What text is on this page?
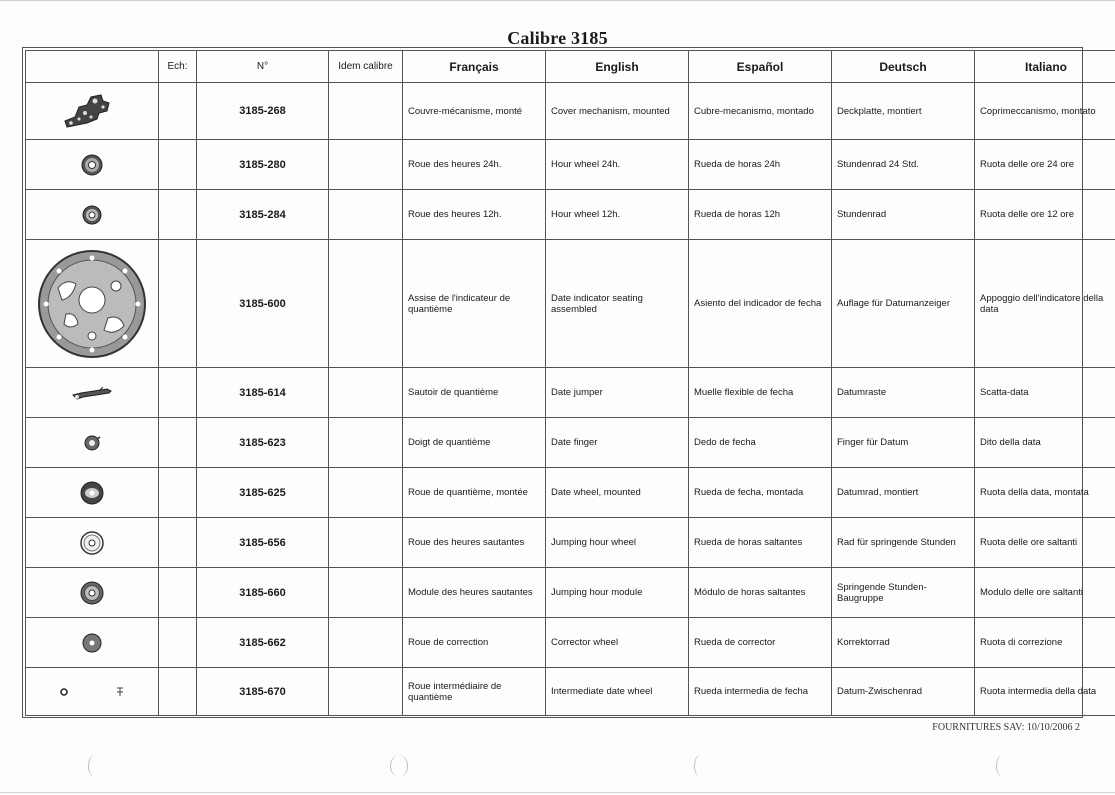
Calibre 3185
	Ech:	N°	Idem calibre	Français	English	Español	Deutsch	Italiano

		3185-268		Couvre-mécanisme, monté	Cover mechanism, mounted	Cubre-mecanismo, montado	Deckplatte, montiert	Coprimeccanismo, montato

		3185-280		Roue des heures 24h.	Hour wheel 24h.	Rueda de horas 24h	Stundenrad 24 Std.	Ruota delle ore 24 ore

		3185-284		Roue des heures 12h.	Hour wheel 12h.	Rueda de horas 12h	Stundenrad	Ruota delle ore 12 ore

		3185-600		Assise de l'indicateur de quantième	Date indicator seating assembled	Asiento del indicador de fecha	Auflage für Datumanzeiger	Appoggio dell'indicatore della data

		3185-614		Sautoir de quantième	Date jumper	Muelle flexible de fecha	Datumraste	Scatta-data

		3185-623		Doigt de quantième	Date finger	Dedo de fecha	Finger für Datum	Dito della data

		3185-625		Roue de quantième, montée	Date wheel, mounted	Rueda de fecha, montada	Datumrad, montiert	Ruota della data, montata

		3185-656		Roue des heures sautantes	Jumping hour wheel	Rueda de horas saltantes	Rad für springende Stunden	Ruota delle ore saltanti

		3185-660		Module des heures sautantes	Jumping hour module	Módulo de horas saltantes	Springende Stunden-Baugruppe	Modulo delle ore saltanti

		3185-662		Roue de correction	Corrector wheel	Rueda de corrector	Korrektorrad	Ruota di correzione

		3185-670		Roue intermédiaire de quantième	Intermediate date wheel	Rueda intermedia de fecha	Datum-Zwischenrad	Ruota intermedia della data
FOURNITURES SAV: 10/10/2006 2
